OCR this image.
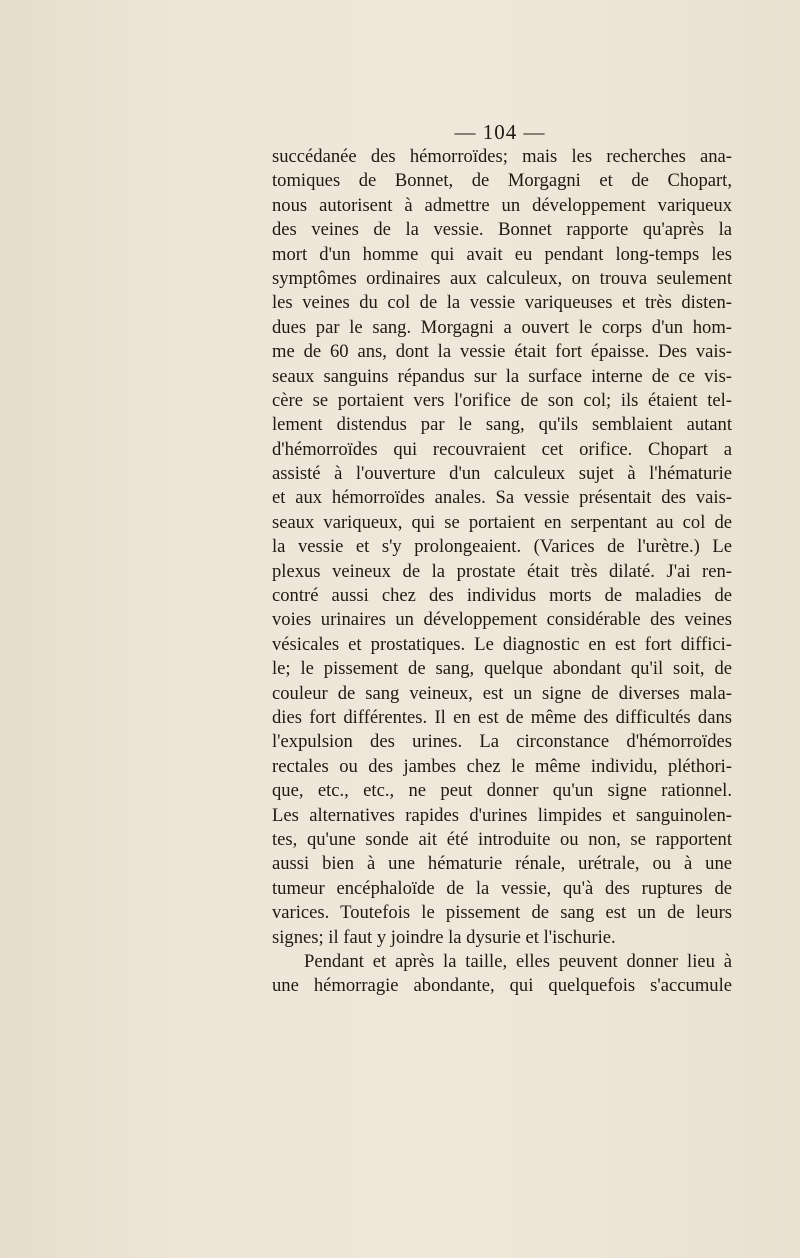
— 104 —
succédanée des hémorroïdes; mais les recherches ana-
tomiques de Bonnet, de Morgagni et de Chopart,
nous autorisent à admettre un développement variqueux
des veines de la vessie. Bonnet rapporte qu'après la
mort d'un homme qui avait eu pendant long-temps les
symptômes ordinaires aux calculeux, on trouva seulement
les veines du col de la vessie variqueuses et très disten-
dues par le sang. Morgagni a ouvert le corps d'un hom-
me de 60 ans, dont la vessie était fort épaisse. Des vais-
seaux sanguins répandus sur la surface interne de ce vis-
cère se portaient vers l'orifice de son col; ils étaient tel-
lement distendus par le sang, qu'ils semblaient autant
d'hémorroïdes qui recouvraient cet orifice. Chopart a
assisté à l'ouverture d'un calculeux sujet à l'hématurie
et aux hémorroïdes anales. Sa vessie présentait des vais-
seaux variqueux, qui se portaient en serpentant au col de
la vessie et s'y prolongeaient. (Varices de l'urètre.) Le
plexus veineux de la prostate était très dilaté. J'ai ren-
contré aussi chez des individus morts de maladies de
voies urinaires un développement considérable des veines
vésicales et prostatiques. Le diagnostic en est fort diffici-
le; le pissement de sang, quelque abondant qu'il soit, de
couleur de sang veineux, est un signe de diverses mala-
dies fort différentes. Il en est de même des difficultés dans
l'expulsion des urines. La circonstance d'hémorroïdes
rectales ou des jambes chez le même individu, pléthori-
que, etc., etc., ne peut donner qu'un signe rationnel.
Les alternatives rapides d'urines limpides et sanguinolen-
tes, qu'une sonde ait été introduite ou non, se rapportent
aussi bien à une hématurie rénale, urétrale, ou à une
tumeur encéphaloïde de la vessie, qu'à des ruptures de
varices. Toutefois le pissement de sang est un de leurs
signes; il faut y joindre la dysurie et l'ischurie.
Pendant et après la taille, elles peuvent donner lieu à
une hémorragie abondante, qui quelquefois s'accumule
